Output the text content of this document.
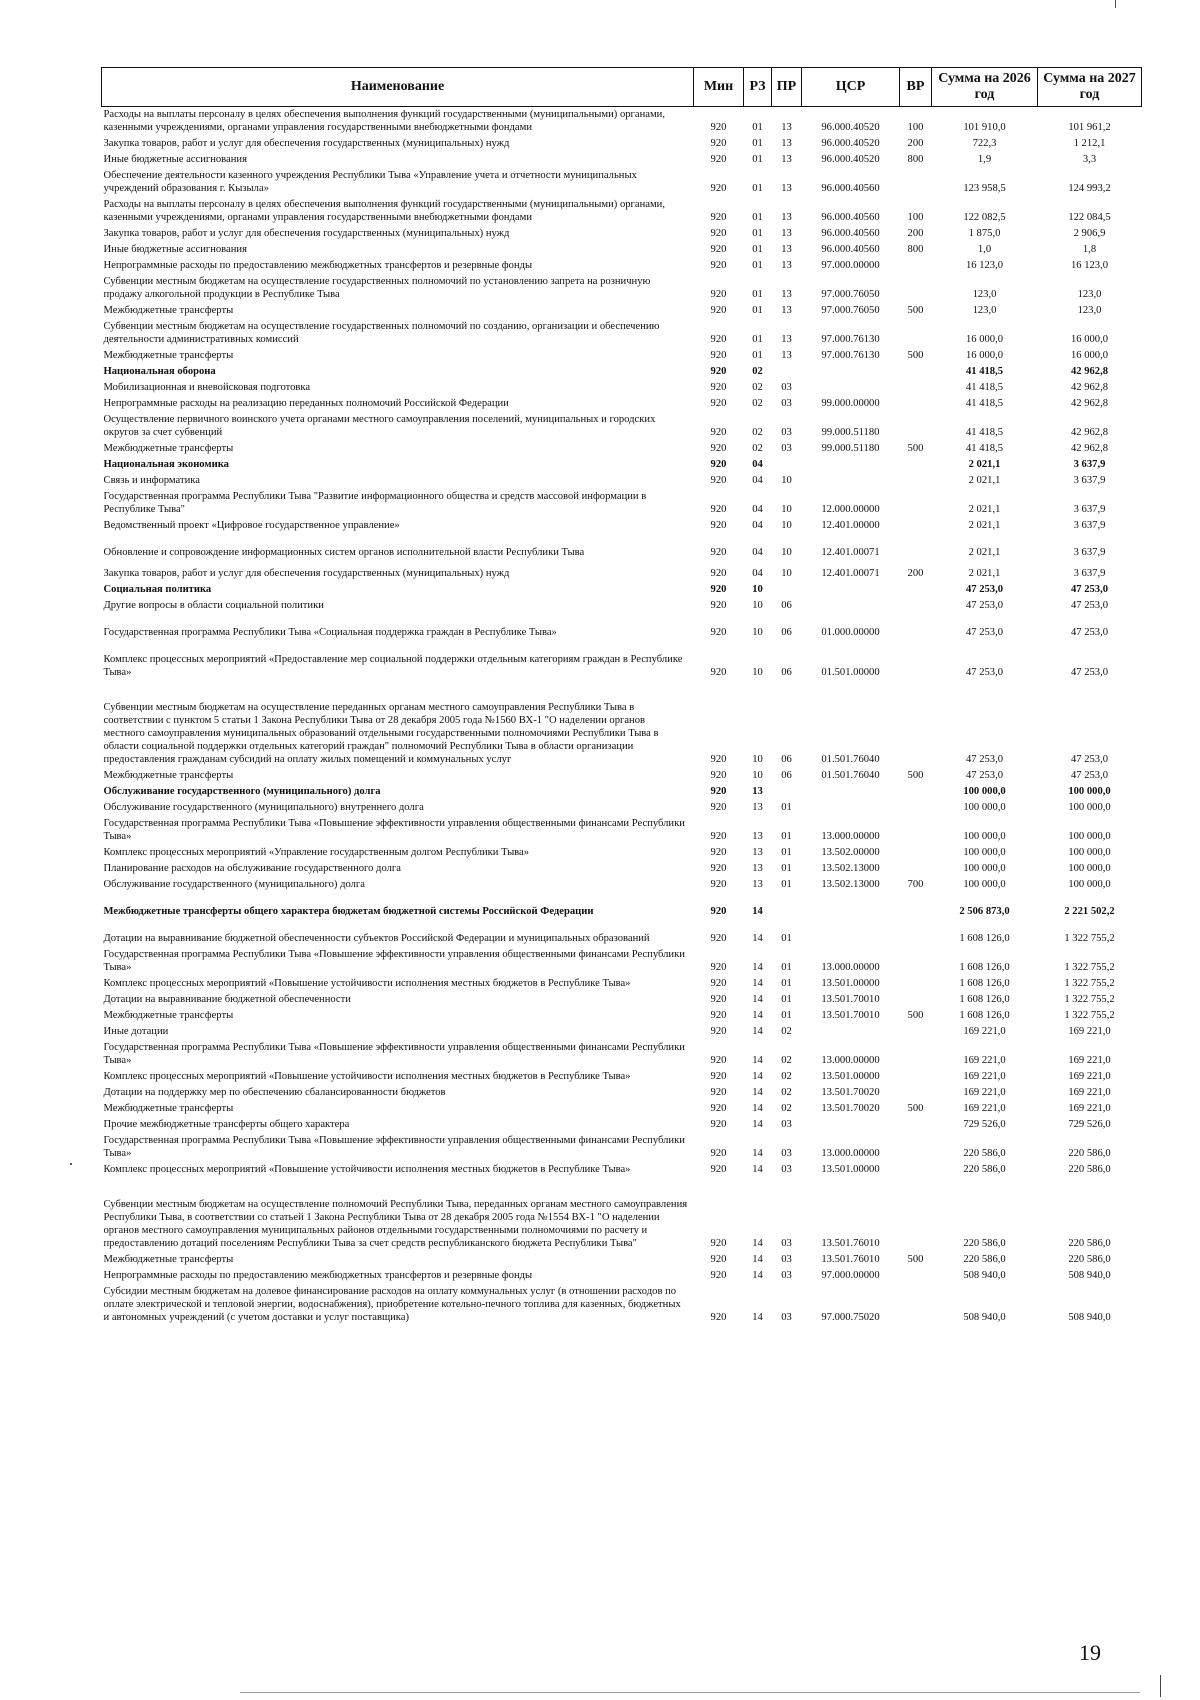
Наименование	Мин	РЗ	ПР	ЦСР	ВР	Сумма на 2026 год	Сумма на 2027 год
Расходы на выплаты персоналу в целях обеспечения выполнения функций государственными (муниципальными) органами, казенными учреждениями, органами управления государственными внебюджетными фондами	920	01	13	96.000.40520	100	101 910,0	101 961,2
Закупка товаров, работ и услуг для обеспечения государственных (муниципальных) нужд	920	01	13	96.000.40520	200	722,3	1 212,1
Иные бюджетные ассигнования	920	01	13	96.000.40520	800	1,9	3,3
Обеспечение деятельности казенного учреждения Республики Тыва «Управление учета и отчетности муниципальных учреждений образования г. Кызыла»	920	01	13	96.000.40560		123 958,5	124 993,2
Расходы на выплаты персоналу в целях обеспечения выполнения функций государственными (муниципальными) органами, казенными учреждениями, органами управления государственными внебюджетными фондами	920	01	13	96.000.40560	100	122 082,5	122 084,5
Закупка товаров, работ и услуг для обеспечения государственных (муниципальных) нужд	920	01	13	96.000.40560	200	1 875,0	2 906,9
Иные бюджетные ассигнования	920	01	13	96.000.40560	800	1,0	1,8
Непрограммные расходы по предоставлению межбюджетных трансфертов и резервные фонды	920	01	13	97.000.00000		16 123,0	16 123,0
Субвенции местным бюджетам на осуществление государственных полномочий по установлению запрета на розничную продажу алкогольной продукции в Республике Тыва	920	01	13	97.000.76050		123,0	123,0
Межбюджетные трансферты	920	01	13	97.000.76050	500	123,0	123,0
Субвенции местным бюджетам на осуществление государственных полномочий по созданию, организации и обеспечению деятельности административных комиссий	920	01	13	97.000.76130		16 000,0	16 000,0
Межбюджетные трансферты	920	01	13	97.000.76130	500	16 000,0	16 000,0
Национальная оборона	920	02				41 418,5	42 962,8
Мобилизационная и вневойсковая подготовка	920	02	03			41 418,5	42 962,8
Непрограммные расходы на реализацию переданных полномочий Российской Федерации	920	02	03	99.000.00000		41 418,5	42 962,8
Осуществление первичного воинского учета органами местного самоуправления поселений, муниципальных и городских округов за счет субвенций	920	02	03	99.000.51180		41 418,5	42 962,8
Межбюджетные трансферты	920	02	03	99.000.51180	500	41 418,5	42 962,8
Национальная экономика	920	04				2 021,1	3 637,9
Связь и информатика	920	04	10			2 021,1	3 637,9
Государственная программа Республики Тыва "Развитие информационного общества и средств массовой информации в Республике Тыва"	920	04	10	12.000.00000		2 021,1	3 637,9
Ведомственный проект «Цифровое государственное управление»	920	04	10	12.401.00000		2 021,1	3 637,9
Обновление и сопровождение информационных систем органов исполнительной власти Республики Тыва	920	04	10	12.401.00071		2 021,1	3 637,9
Закупка товаров, работ и услуг для обеспечения государственных (муниципальных) нужд	920	04	10	12.401.00071	200	2 021,1	3 637,9
Социальная политика	920	10				47 253,0	47 253,0
Другие вопросы в области социальной политики	920	10	06			47 253,0	47 253,0
Государственная программа Республики Тыва «Социальная поддержка граждан в Республике Тыва»	920	10	06	01.000.00000		47 253,0	47 253,0
Комплекс процессных мероприятий «Предоставление мер социальной поддержки отдельным категориям граждан в Республике Тыва»	920	10	06	01.501.00000		47 253,0	47 253,0
Субвенции местным бюджетам на осуществление переданных органам местного самоуправления Республики Тыва в соответствии с пунктом 5 статьи 1 Закона Республики Тыва от 28 декабря 2005 года №1560 ВХ-1 "О наделении органов местного самоуправления муниципальных образований отдельными государственными полномочиями Республики Тыва в области социальной поддержки отдельных категорий граждан" полномочий Республики Тыва в области организации предоставления гражданам субсидий на оплату жилых помещений и коммунальных услуг	920	10	06	01.501.76040		47 253,0	47 253,0
Межбюджетные трансферты	920	10	06	01.501.76040	500	47 253,0	47 253,0
Обслуживание государственного (муниципального) долга	920	13				100 000,0	100 000,0
Обслуживание государственного (муниципального) внутреннего долга	920	13	01			100 000,0	100 000,0
Государственная программа Республики Тыва «Повышение эффективности управления общественными финансами Республики Тыва»	920	13	01	13.000.00000		100 000,0	100 000,0
Комплекс процессных мероприятий «Управление государственным долгом Республики Тыва»	920	13	01	13.502.00000		100 000,0	100 000,0
Планирование расходов на обслуживание государственного долга	920	13	01	13.502.13000		100 000,0	100 000,0
Обслуживание государственного (муниципального) долга	920	13	01	13.502.13000	700	100 000,0	100 000,0
Межбюджетные трансферты общего характера бюджетам бюджетной системы Российской Федерации	920	14				2 506 873,0	2 221 502,2
Дотации на выравнивание бюджетной обеспеченности субъектов Российской Федерации и муниципальных образований	920	14	01			1 608 126,0	1 322 755,2
Государственная программа Республики Тыва «Повышение эффективности управления общественными финансами Республики Тыва»	920	14	01	13.000.00000		1 608 126,0	1 322 755,2
Комплекс процессных мероприятий «Повышение устойчивости исполнения местных бюджетов в Республике Тыва»	920	14	01	13.501.00000		1 608 126,0	1 322 755,2
Дотации на выравнивание бюджетной обеспеченности	920	14	01	13.501.70010		1 608 126,0	1 322 755,2
Межбюджетные трансферты	920	14	01	13.501.70010	500	1 608 126,0	1 322 755,2
Иные дотации	920	14	02			169 221,0	169 221,0
Государственная программа Республики Тыва «Повышение эффективности управления общественными финансами Республики Тыва»	920	14	02	13.000.00000		169 221,0	169 221,0
Комплекс процессных мероприятий «Повышение устойчивости исполнения местных бюджетов в Республике Тыва»	920	14	02	13.501.00000		169 221,0	169 221,0
Дотации на поддержку мер по обеспечению сбалансированности бюджетов	920	14	02	13.501.70020		169 221,0	169 221,0
Межбюджетные трансферты	920	14	02	13.501.70020	500	169 221,0	169 221,0
Прочие межбюджетные трансферты общего характера	920	14	03			729 526,0	729 526,0
Государственная программа Республики Тыва «Повышение эффективности управления общественными финансами Республики Тыва»	920	14	03	13.000.00000		220 586,0	220 586,0
Комплекс процессных мероприятий «Повышение устойчивости исполнения местных бюджетов в Республике Тыва»	920	14	03	13.501.00000		220 586,0	220 586,0
Субвенции местным бюджетам на осуществление полномочий Республики Тыва, переданных органам местного самоуправления Республики Тыва, в соответствии со статьей 1 Закона Республики Тыва от 28 декабря 2005 года №1554 ВХ-1 "О наделении органов местного самоуправления муниципальных районов отдельными государственными полномочиями по расчету и предоставлению дотаций поселениям Республики Тыва за счет средств республиканского бюджета Республики Тыва"	920	14	03	13.501.76010		220 586,0	220 586,0
Межбюджетные трансферты	920	14	03	13.501.76010	500	220 586,0	220 586,0
Непрограммные расходы по предоставлению межбюджетных трансфертов и резервные фонды	920	14	03	97.000.00000		508 940,0	508 940,0
Субсидии местным бюджетам на долевое финансирование расходов на оплату коммунальных услуг (в отношении расходов по оплате электрической и тепловой энергии, водоснабжения), приобретение котельно-печного топлива для казенных, бюджетных и автономных учреждений (с учетом доставки и услуг поставщика)	920	14	03	97.000.75020		508 940,0	508 940,0
19
